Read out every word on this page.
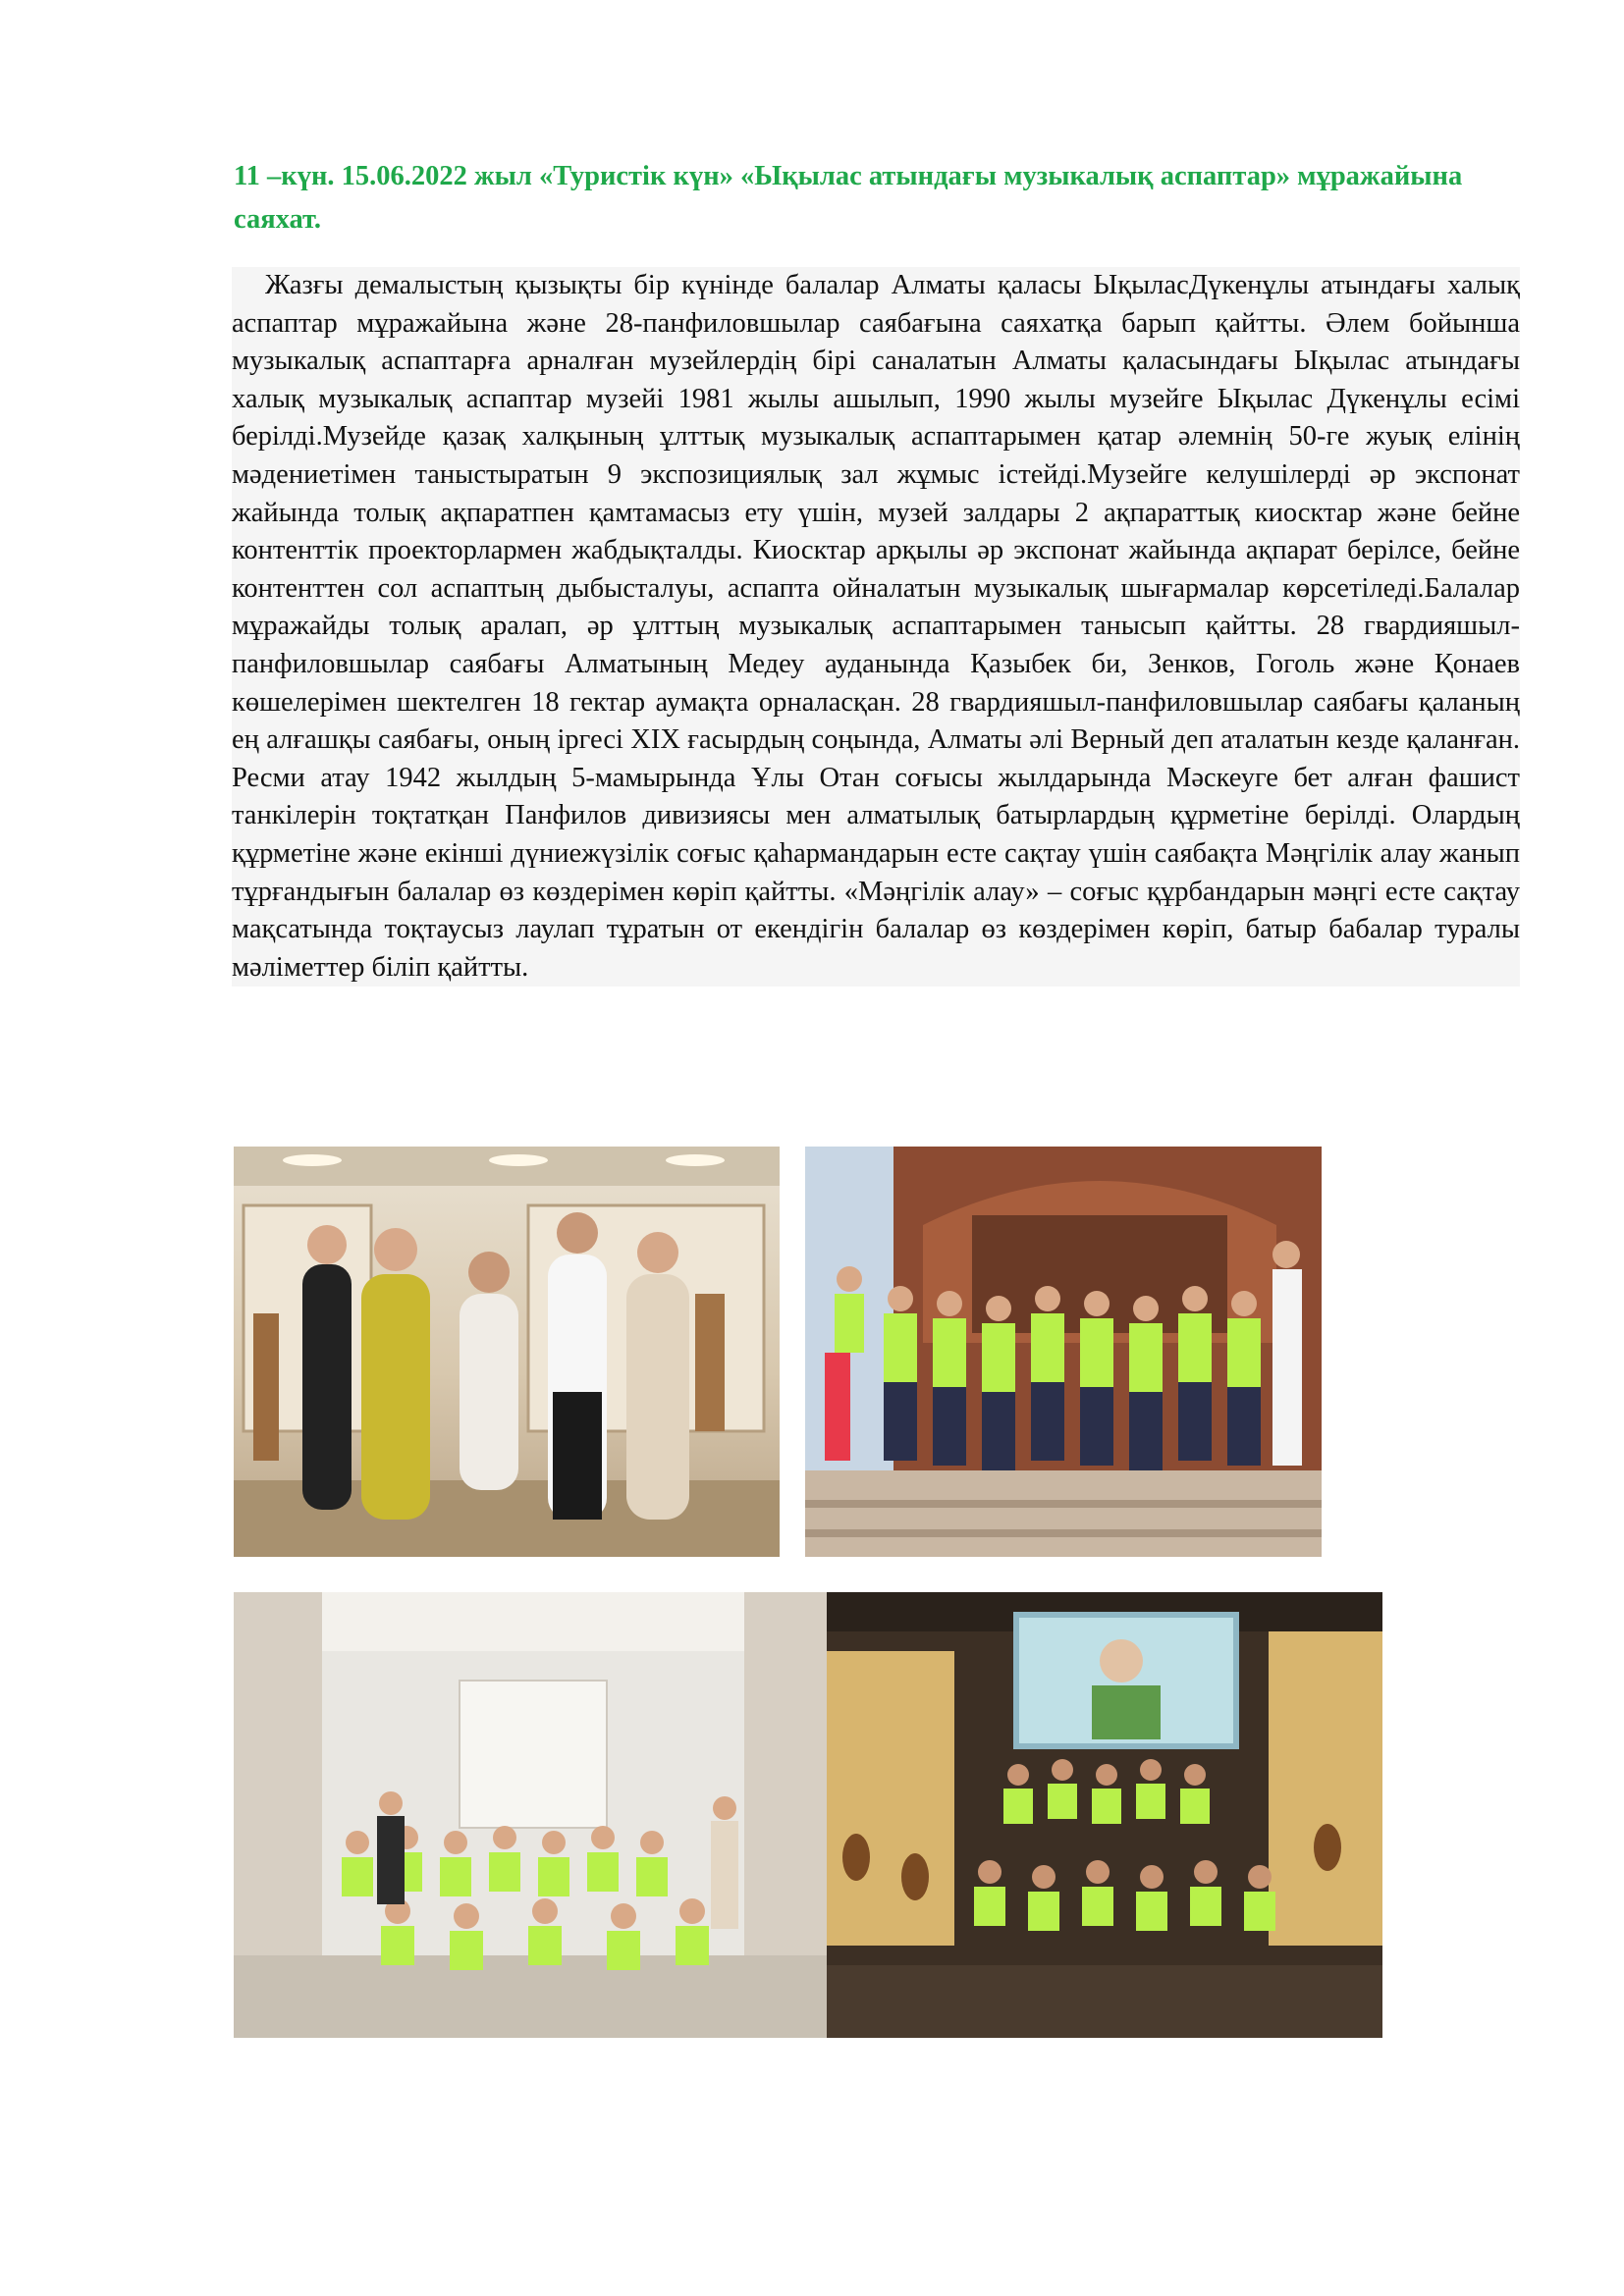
11 –күн. 15.06.2022 жыл «Туристік күн» «Ықылас атындағы музыкалық аспаптар» мұражайына саяхат.

Жазғы демалыстың қызықты бір күнінде балалар Алматы қаласы ЫқыласДүкенұлы атындағы халық аспаптар мұражайына және 28-панфиловшылар саябағына саяхатқа барып қайтты. Әлем бойынша музыкалық аспаптарға арналған музейлердің бірі саналатын Алматы қаласындағы Ықылас атындағы халық музыкалық аспаптар музейі 1981 жылы ашылып, 1990 жылы музейге Ықылас Дүкенұлы есімі берілді.Музейде қазақ халқының ұлттық музыкалық аспаптарымен қатар әлемнің 50-ге жуық елінің мәдениетімен таныстыратын 9 экспозициялық зал жұмыс істейді.Музейге келушілерді әр экспонат жайында толық ақпаратпен қамтамасыз ету үшін, музей залдары 2 ақпараттық киосктар және бейне контенттік проекторлармен жабдықталды. Киосктар арқылы әр экспонат жайында ақпарат берілсе, бейне контенттен сол аспаптың дыбысталуы, аспапта ойналатын музыкалық шығармалар көрсетіледі.Балалар мұражайды толық аралап, әр ұлттың музыкалық аспаптарымен танысып қайтты. 28 гвардияшыл-панфиловшылар саябағы Алматының Медеу ауданында Қазыбек би, Зенков, Гоголь және Қонаев көшелерімен шектелген 18 гектар аумақта орналасқан. 28 гвардияшыл-панфиловшылар саябағы қаланың ең алғашқы саябағы, оның іргесі XIX ғасырдың соңында, Алматы әлі Верный деп аталатын кезде қаланған. Ресми атау 1942 жылдың 5-мамырында Ұлы Отан соғысы жылдарында Мәскеуге бет алған фашист танкілерін тоқтатқан Панфилов дивизиясы мен алматылық батырлардың құрметіне берілді. Олардың құрметіне және екінші дүниежүзілік соғыс қаһармандарын есте сақтау үшін саябақта Мәңгілік алау жанып тұрғандығын балалар өз көздерімен көріп қайтты. «Мәңгілік алау» – соғыс құрбандарын мәңгі есте сақтау мақсатында тоқтаусыз лаулап тұратын от екендігін балалар өз көздерімен көріп, батыр бабалар туралы мәліметтер біліп қайтты.
